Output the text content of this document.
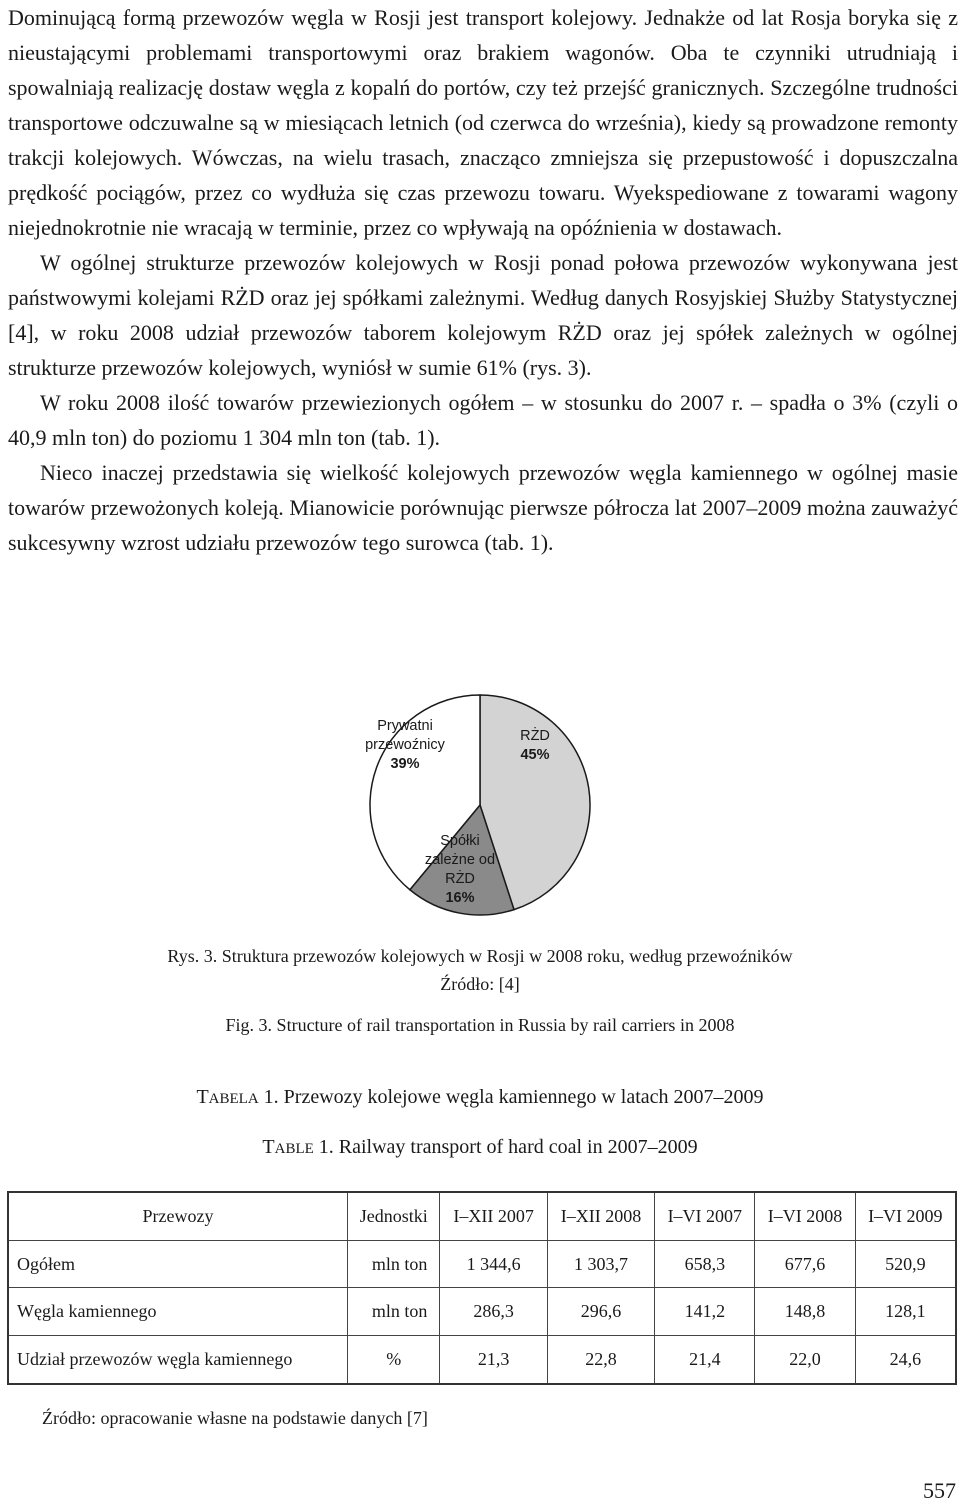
Dominującą formą przewozów węgla w Rosji jest transport kolejowy. Jednakże od lat Rosja boryka się z nieustającymi problemami transportowymi oraz brakiem wagonów. Oba te czynniki utrudniają i spowalniają realizację dostaw węgla z kopalń do portów, czy też przejść granicznych. Szczególne trudności transportowe odczuwalne są w miesiącach letnich (od czerwca do września), kiedy są prowadzone remonty trakcji kolejowych. Wówczas, na wielu trasach, znacząco zmniejsza się przepustowość i dopuszczalna prędkość pociągów, przez co wydłuża się czas przewozu towaru. Wyekspediowane z towarami wagony niejednokrotnie nie wracają w terminie, przez co wpływają na opóźnienia w dostawach.

W ogólnej strukturze przewozów kolejowych w Rosji ponad połowa przewozów wykonywana jest państwowymi kolejami RŻD oraz jej spółkami zależnymi. Według danych Rosyjskiej Służby Statystycznej [4], w roku 2008 udział przewozów taborem kolejowym RŻD oraz jej spółek zależnych w ogólnej strukturze przewozów kolejowych, wyniósł w sumie 61% (rys. 3).

W roku 2008 ilość towarów przewiezionych ogółem – w stosunku do 2007 r. – spadła o 3% (czyli o 40,9 mln ton) do poziomu 1 304 mln ton (tab. 1).

Nieco inaczej przedstawia się wielkość kolejowych przewozów węgla kamiennego w ogólnej masie towarów przewożonych koleją. Mianowicie porównując pierwsze półrocza lat 2007–2009 można zauważyć sukcesywny wzrost udziału przewozów tego surowca (tab. 1).

RŻD
45%
Spółki
zależne od
RŻD
16%
Prywatni
przewoźnicy
39%
Rys. 3. Struktura przewozów kolejowych w Rosji w 2008 roku, według przewoźników
Źródło: [4]
Fig. 3. Structure of rail transportation in Russia by rail carriers in 2008
TABELA 1. Przewozy kolejowe węgla kamiennego w latach 2007–2009
TABLE 1. Railway transport of hard coal in 2007–2009
Przewozy	Jednostki	I–XII 2007	I–XII 2008	I–VI 2007	I–VI 2008	I–VI 2009
Ogółem	mln ton	1 344,6	1 303,7	658,3	677,6	520,9
Węgla kamiennego	mln ton	286,3	296,6	141,2	148,8	128,1
Udział przewozów węgla kamiennego	%	21,3	22,8	21,4	22,0	24,6
Źródło: opracowanie własne na podstawie danych [7]
557
